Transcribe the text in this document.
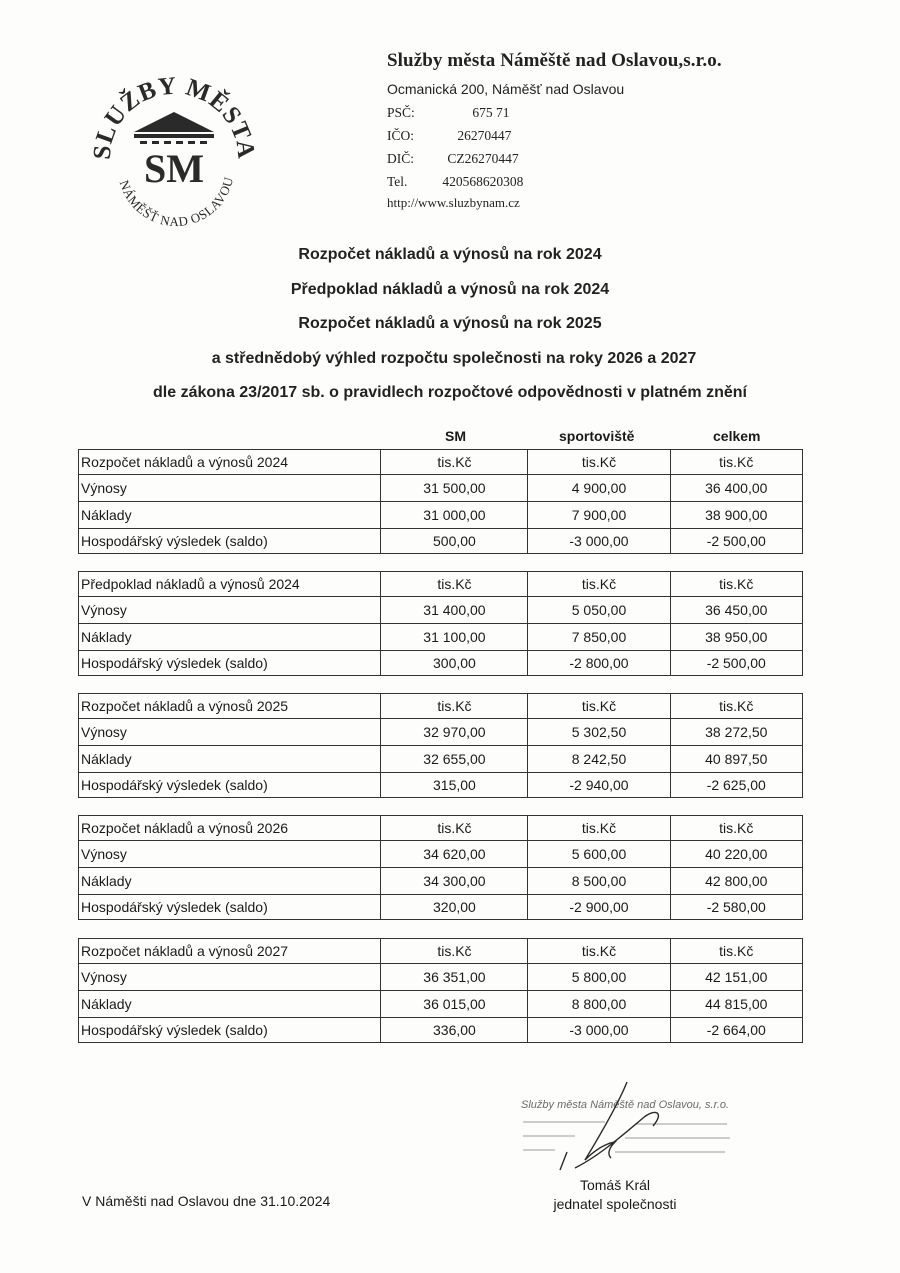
SLUŽBY MĚSTA
NÁMĚŠŤ NAD OSLAVOU
SM
Služby města Náměště nad Oslavou,s.r.o.
Ocmanická 200, Náměšť nad Oslavou
PSČ:	675 71
IČO:	26270447
DIČ: CZ26270447
Tel.	420568620308
http://www.sluzbynam.cz
Rozpočet nákladů a výnosů na rok 2024
Předpoklad nákladů a výnosů na rok 2024
Rozpočet nákladů a výnosů na rok 2025
a střednědobý výhled rozpočtu společnosti na roky 2026 a 2027
dle zákona 23/2017 sb. o pravidlech rozpočtové odpovědnosti v platném znění
SM	sportoviště	celkem
Rozpočet nákladů a výnosů 2024	tis.Kč	tis.Kč	tis.Kč
Výnosy	31 500,00	4 900,00	36 400,00
Náklady	31 000,00	7 900,00	38 900,00
Hospodářský výsledek (saldo)	500,00	-3 000,00	-2 500,00
Předpoklad nákladů a výnosů 2024	tis.Kč	tis.Kč	tis.Kč
Výnosy	31 400,00	5 050,00	36 450,00
Náklady	31 100,00	7 850,00	38 950,00
Hospodářský výsledek (saldo)	300,00	-2 800,00	-2 500,00
Rozpočet nákladů a výnosů 2025	tis.Kč	tis.Kč	tis.Kč
Výnosy	32 970,00	5 302,50	38 272,50
Náklady	32 655,00	8 242,50	40 897,50
Hospodářský výsledek (saldo)	315,00	-2 940,00	-2 625,00
Rozpočet nákladů a výnosů 2026	tis.Kč	tis.Kč	tis.Kč
Výnosy	34 620,00	5 600,00	40 220,00
Náklady	34 300,00	8 500,00	42 800,00
Hospodářský výsledek (saldo)	320,00	-2 900,00	-2 580,00
Rozpočet nákladů a výnosů 2027	tis.Kč	tis.Kč	tis.Kč
Výnosy	36 351,00	5 800,00	42 151,00
Náklady	36 015,00	8 800,00	44 815,00
Hospodářský výsledek (saldo)	336,00	-3 000,00	-2 664,00
V Náměšti nad Oslavou dne 31.10.2024
Služby města Náměště nad Oslavou, s.r.o.
Tomáš Král
jednatel společnosti
